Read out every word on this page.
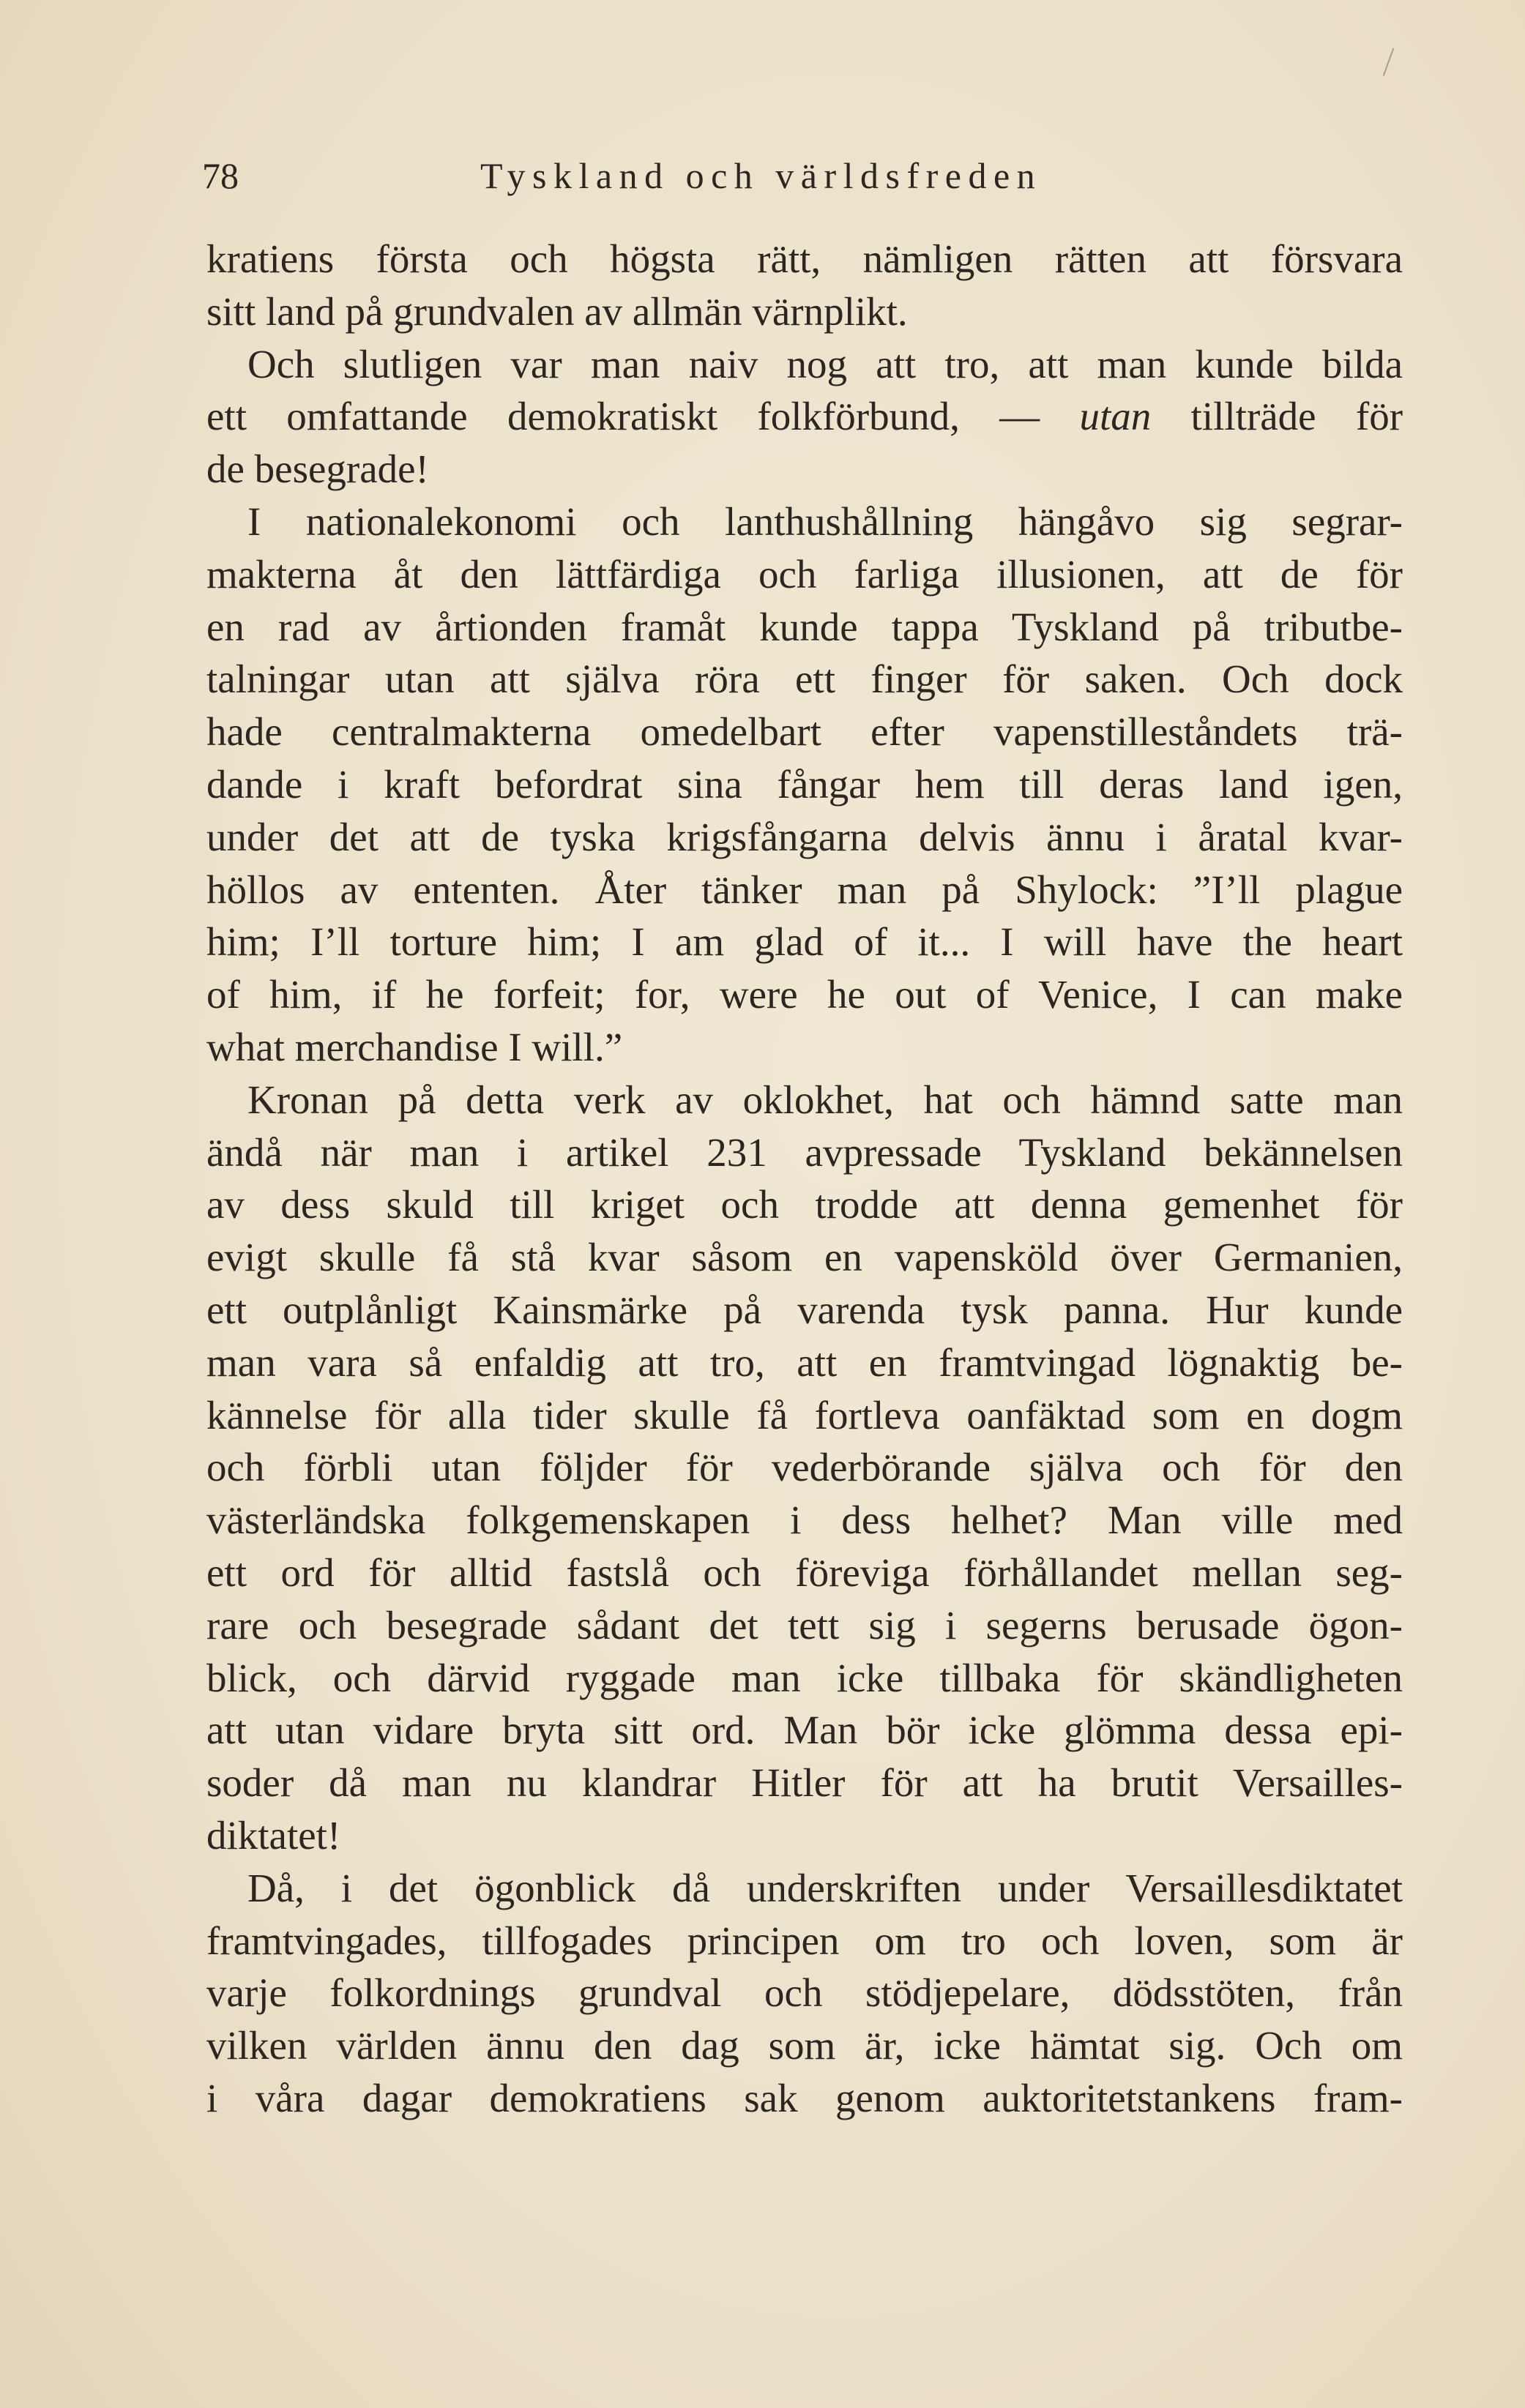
78	Tyskland och världsfreden
kratiens första och högsta rätt, nämligen rätten att försvara
sitt land på grundvalen av allmän värnplikt.
Och slutligen var man naiv nog att tro, att man kunde bilda
ett omfattande demokratiskt folkförbund, — utan tillträde för
de besegrade!
I nationalekonomi och lanthushållning hängåvo sig segrar-
makterna åt den lättfärdiga och farliga illusionen, att de för
en rad av årtionden framåt kunde tappa Tyskland på tributbe-
talningar utan att själva röra ett finger för saken. Och dock
hade centralmakterna omedelbart efter vapenstilleståndets trä-
dande i kraft befordrat sina fångar hem till deras land igen,
under det att de tyska krigsfångarna delvis ännu i åratal kvar-
höllos av ententen. Åter tänker man på Shylock: ”I’ll plague
him; I’ll torture him; I am glad of it... I will have the heart
of him, if he forfeit; for, were he out of Venice, I can make
what merchandise I will.”
Kronan på detta verk av oklokhet, hat och hämnd satte man
ändå när man i artikel 231 avpressade Tyskland bekännelsen
av dess skuld till kriget och trodde att denna gemenhet för
evigt skulle få stå kvar såsom en vapensköld över Germanien,
ett outplånligt Kainsmärke på varenda tysk panna. Hur kunde
man vara så enfaldig att tro, att en framtvingad lögnaktig be-
kännelse för alla tider skulle få fortleva oanfäktad som en dogm
och förbli utan följder för vederbörande själva och för den
västerländska folkgemenskapen i dess helhet? Man ville med
ett ord för alltid fastslå och föreviga förhållandet mellan seg-
rare och besegrade sådant det tett sig i segerns berusade ögon-
blick, och därvid ryggade man icke tillbaka för skändligheten
att utan vidare bryta sitt ord. Man bör icke glömma dessa epi-
soder då man nu klandrar Hitler för att ha brutit Versailles-
diktatet!
Då, i det ögonblick då underskriften under Versaillesdiktatet
framtvingades, tillfogades principen om tro och loven, som är
varje folkordnings grundval och stödjepelare, dödsstöten, från
vilken världen ännu den dag som är, icke hämtat sig. Och om
i våra dagar demokratiens sak genom auktoritetstankens fram-
